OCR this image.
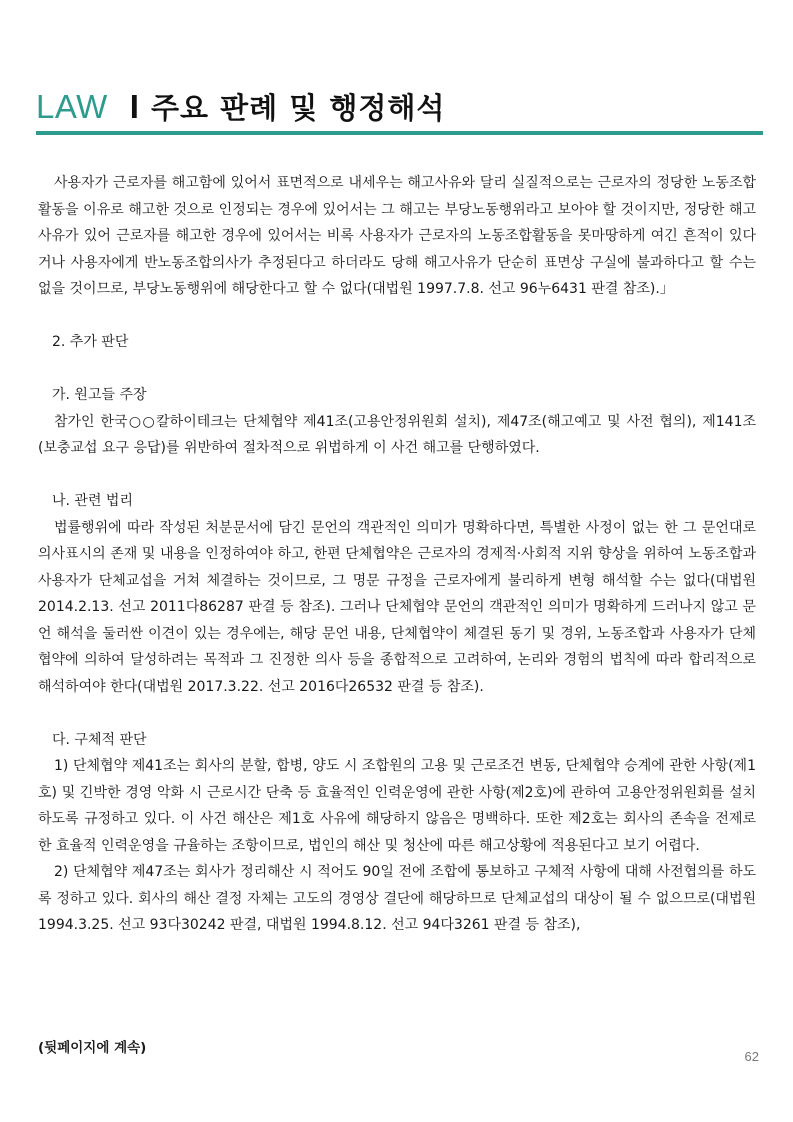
LAW I 주요 판례 및 행정해석

사용자가 근로자를 해고함에 있어서 표면적으로 내세우는 해고사유와 달리 실질적으로는 근로자의 정당한 노동조합활동을 이유로 해고한 것으로 인정되는 경우에 있어서는 그 해고는 부당노동행위라고 보아야 할 것이지만, 정당한 해고사유가 있어 근로자를 해고한 경우에 있어서는 비록 사용자가 근로자의 노동조합활동을 못마땅하게 여긴 흔적이 있다거나 사용자에게 반노동조합의사가 추정된다고 하더라도 당해 해고사유가 단순히 표면상 구실에 불과하다고 할 수는 없을 것이므로, 부당노동행위에 해당한다고 할 수 없다(대법원 1997.7.8. 선고 96누6431 판결 참조).」

2. 추가 판단

가. 원고들 주장

참가인 한국○○칼하이테크는 단체협약 제41조(고용안정위원회 설치), 제47조(해고예고 및 사전 협의), 제141조(보충교섭 요구 응답)를 위반하여 절차적으로 위법하게 이 사건 해고를 단행하였다.

나. 관련 법리

법률행위에 따라 작성된 처분문서에 담긴 문언의 객관적인 의미가 명확하다면, 특별한 사정이 없는 한 그 문언대로 의사표시의 존재 및 내용을 인정하여야 하고, 한편 단체협약은 근로자의 경제적·사회적 지위 향상을 위하여 노동조합과 사용자가 단체교섭을 거쳐 체결하는 것이므로, 그 명문 규정을 근로자에게 불리하게 변형 해석할 수는 없다(대법원 2014.2.13. 선고 2011다86287 판결 등 참조). 그러나 단체협약 문언의 객관적인 의미가 명확하게 드러나지 않고 문언 해석을 둘러싼 이견이 있는 경우에는, 해당 문언 내용, 단체협약이 체결된 동기 및 경위, 노동조합과 사용자가 단체협약에 의하여 달성하려는 목적과 그 진정한 의사 등을 종합적으로 고려하여, 논리와 경험의 법칙에 따라 합리적으로 해석하여야 한다(대법원 2017.3.22. 선고 2016다26532 판결 등 참조).

다. 구체적 판단

1) 단체협약 제41조는 회사의 분할, 합병, 양도 시 조합원의 고용 및 근로조건 변동, 단체협약 승계에 관한 사항(제1호) 및 긴박한 경영 악화 시 근로시간 단축 등 효율적인 인력운영에 관한 사항(제2호)에 관하여 고용안정위원회를 설치하도록 규정하고 있다. 이 사건 해산은 제1호 사유에 해당하지 않음은 명백하다. 또한 제2호는 회사의 존속을 전제로 한 효율적 인력운영을 규율하는 조항이므로, 법인의 해산 및 청산에 따른 해고상황에 적용된다고 보기 어렵다.

2) 단체협약 제47조는 회사가 정리해산 시 적어도 90일 전에 조합에 통보하고 구체적 사항에 대해 사전협의를 하도록 정하고 있다. 회사의 해산 결정 자체는 고도의 경영상 결단에 해당하므로 단체교섭의 대상이 될 수 없으므로(대법원 1994.3.25. 선고 93다30242 판결, 대법원 1994.8.12. 선고 94다3261 판결 등 참조),

(뒷페이지에 계속)
62
